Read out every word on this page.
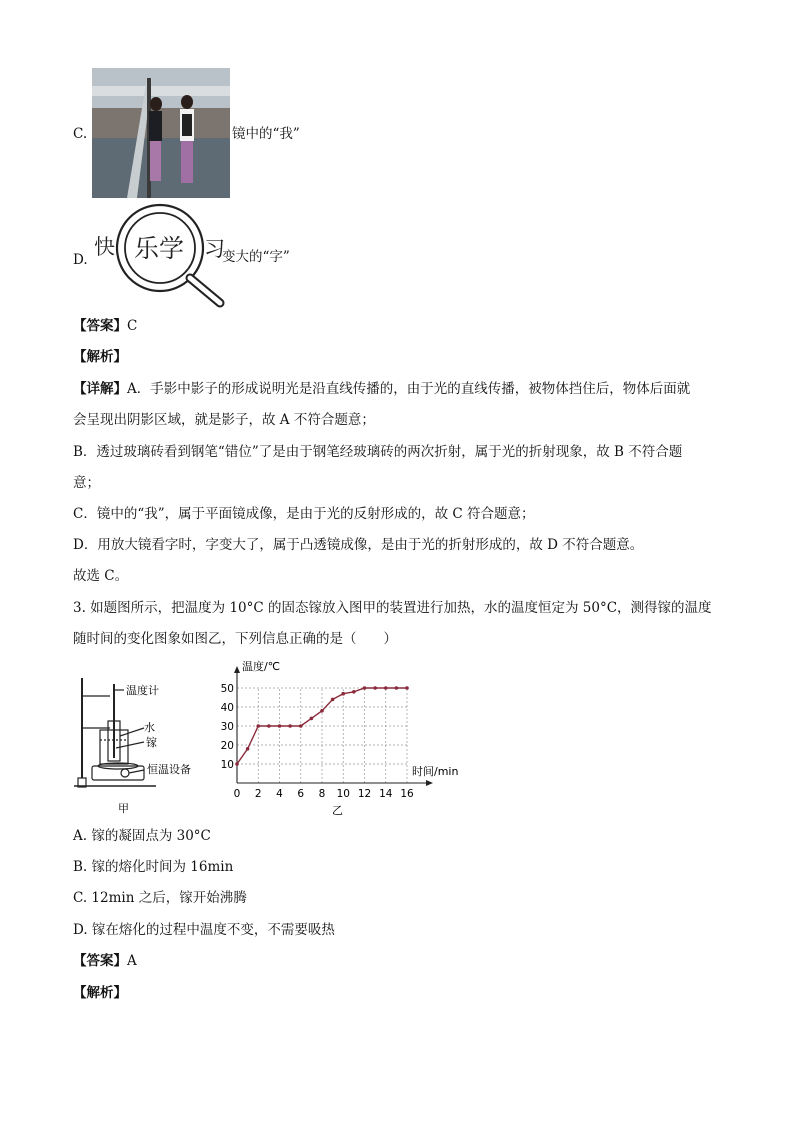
C.	镜中的“我”
D.
快 乐学 习
变大的“字”
【答案】C
【解析】
【详解】A．手影中影子的形成说明光是沿直线传播的，由于光的直线传播，被物体挡住后，物体后面就
会呈现出阴影区域，就是影子，故 A 不符合题意；
B．透过玻璃砖看到钢笔“错位”了是由于钢笔经玻璃砖的两次折射，属于光的折射现象，故 B 不符合题
意；
C．镜中的“我”，属于平面镜成像，是由于光的反射形成的，故 C 符合题意；
D．用放大镜看字时，字变大了，属于凸透镜成像，是由于光的折射形成的，故 D 不符合题意。
故选 C。
3. 如题图所示，把温度为 10°C 的固态镓放入图甲的装置进行加热，水的温度恒定为 50°C，测得镓的温度
随时间的变化图象如图乙，下列信息正确的是（　　）
温度计
水
镓
恒温设备
甲
0 2 4 6 8 10 12 14 16
10
20
30
40
50
温度/℃
时间/min
乙
A. 镓的凝固点为 30°C
B. 镓的熔化时间为 16min
C. 12min 之后，镓开始沸腾
D. 镓在熔化的过程中温度不变，不需要吸热
【答案】A
【解析】
